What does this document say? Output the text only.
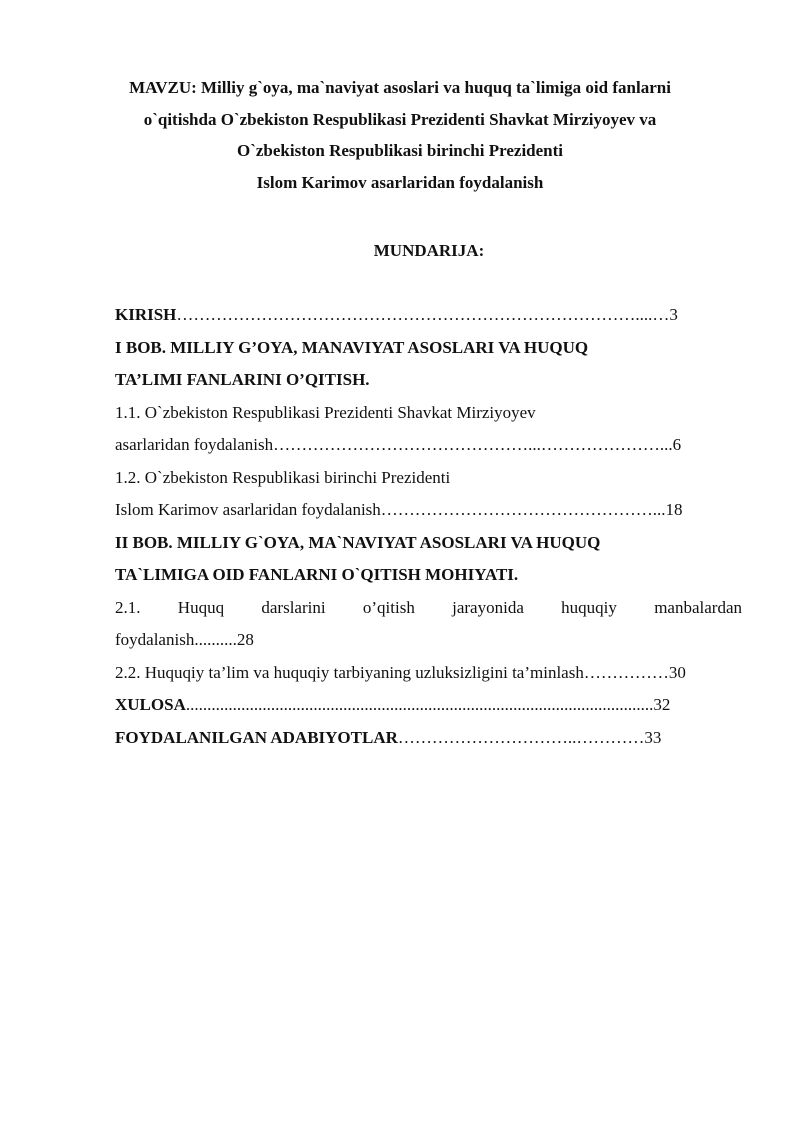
MAVZU: Milliy g`oya, ma`naviyat asoslari va huquq ta`limiga oid fanlarni
o`qitishda O`zbekiston Respublikasi Prezidenti Shavkat Mirziyoyev va
O`zbekiston Respublikasi birinchi Prezidenti
Islom Karimov asarlaridan foydalanish
MUNDARIJA:
KIRISH………………………………………………………………………....…3
I BOB. MILLIY G’OYA, MANAVIYAT ASOSLARI VA HUQUQ
TA’LIMI FANLARINI O’QITISH.
1.1. O`zbekiston Respublikasi Prezidenti Shavkat Mirziyoyev
asarlaridan foydalanish………………………………………...…………………...6
1.2. O`zbekiston Respublikasi birinchi Prezidenti
Islom Karimov asarlaridan foydalanish…………………………………………...18
II BOB. MILLIY G`OYA, MA`NAVIYAT ASOSLARI VA HUQUQ
TA`LIMIGA OID FANLARNI O`QITISH MOHIYATI.
2.1. Huquq darslarini o’qitish jarayonida huquqiy manbalardan
foydalanish..........28
2.2. Huquqiy ta’lim va huquqiy tarbiyaning uzluksizligini ta’minlash……………30
XULOSA..............................................................................................................32
FOYDALANILGAN ADABIYOTLAR…………………………..…………33
